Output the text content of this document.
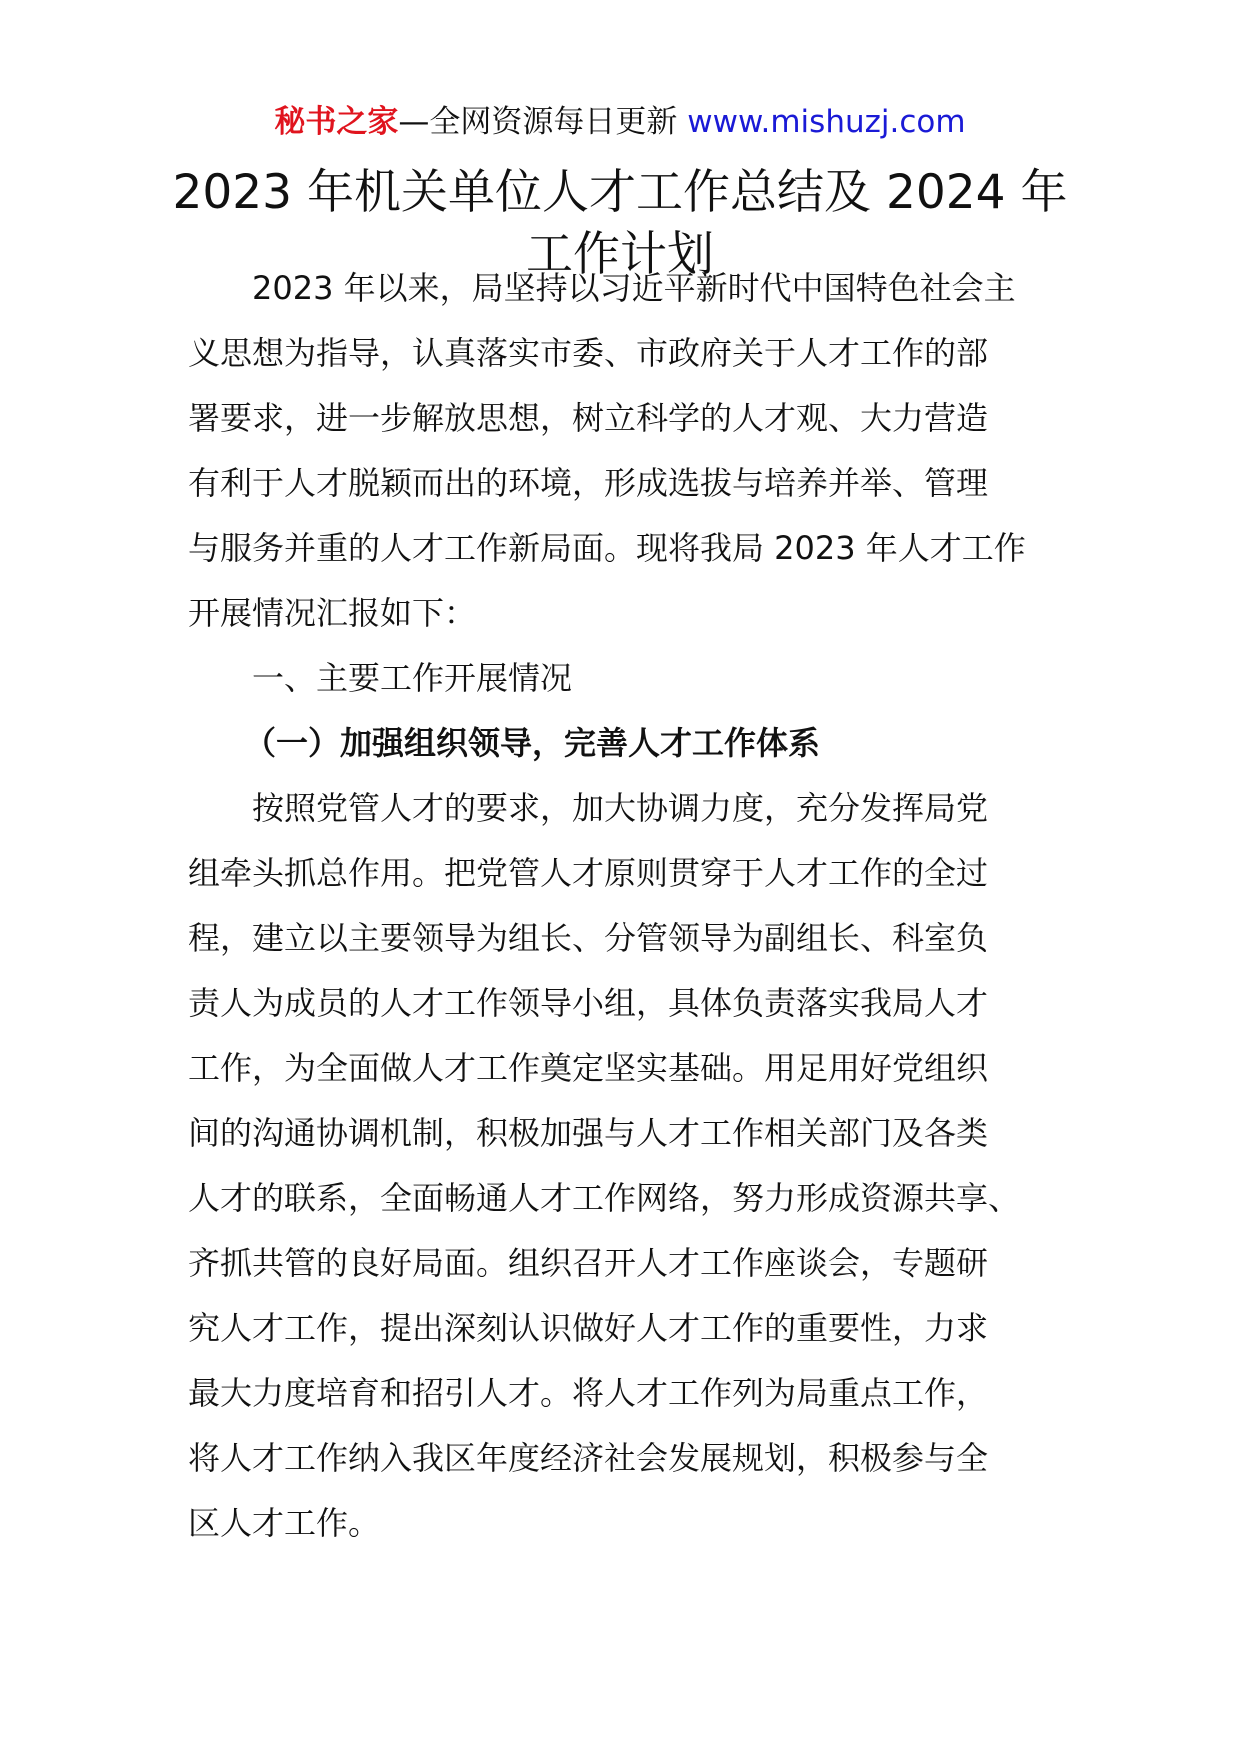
秘书之家—全网资源每日更新 www.mishuzj.com
2023 年机关单位人才工作总结及 2024 年
工作计划
2023 年以来，局坚持以习近平新时代中国特色社会主
义思想为指导，认真落实市委、市政府关于人才工作的部
署要求，进一步解放思想，树立科学的人才观、大力营造
有利于人才脱颖而出的环境，形成选拔与培养并举、管理
与服务并重的人才工作新局面。现将我局 2023 年人才工作
开展情况汇报如下：
一、主要工作开展情况
（一）加强组织领导，完善人才工作体系
按照党管人才的要求，加大协调力度，充分发挥局党
组牵头抓总作用。把党管人才原则贯穿于人才工作的全过
程，建立以主要领导为组长、分管领导为副组长、科室负
责人为成员的人才工作领导小组，具体负责落实我局人才
工作，为全面做人才工作奠定坚实基础。用足用好党组织
间的沟通协调机制，积极加强与人才工作相关部门及各类
人才的联系，全面畅通人才工作网络，努力形成资源共享、
齐抓共管的良好局面。组织召开人才工作座谈会，专题研
究人才工作，提出深刻认识做好人才工作的重要性，力求
最大力度培育和招引人才。将人才工作列为局重点工作，
将人才工作纳入我区年度经济社会发展规划，积极参与全
区人才工作。
